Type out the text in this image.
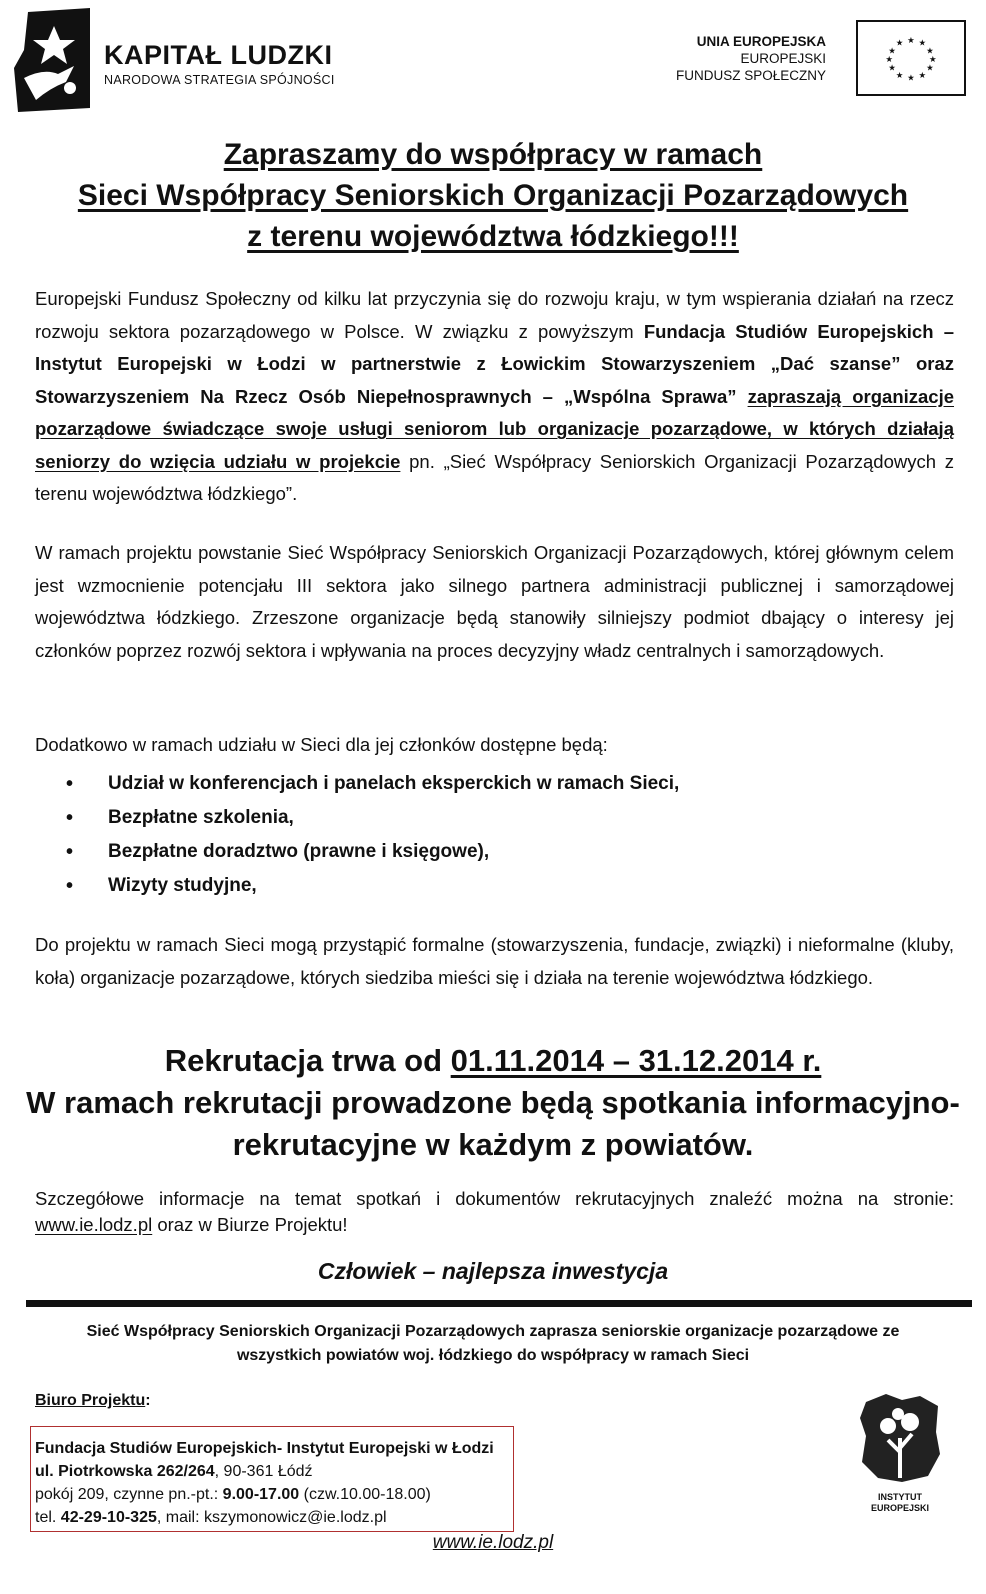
KAPITAŁ LUDZKI
NARODOWA STRATEGIA SPÓJNOŚCI
UNIA EUROPEJSKA
EUROPEJSKI
FUNDUSZ SPOŁECZNY
★ ★
★
★
★
★
★
★
★
★
★
★
Zapraszamy do współpracy w ramach
Sieci Współpracy Seniorskich Organizacji Pozarządowych
z terenu województwa łódzkiego!!!
Europejski Fundusz Społeczny od kilku lat przyczynia się do rozwoju kraju, w tym wspierania działań na rzecz rozwoju sektora pozarządowego w Polsce. W związku z powyższym Fundacja Studiów Europejskich – Instytut Europejski w Łodzi w partnerstwie z Łowickim Stowarzyszeniem „Dać szanse” oraz Stowarzyszeniem Na Rzecz Osób Niepełnosprawnych – „Wspólna Sprawa” zapraszają organizacje pozarządowe świadczące swoje usługi seniorom lub organizacje pozarządowe, w których działają seniorzy do wzięcia udziału w projekcie pn. „Sieć Współpracy Seniorskich Organizacji Pozarządowych z terenu województwa łódzkiego”.
W ramach projektu powstanie Sieć Współpracy Seniorskich Organizacji Pozarządowych, której głównym celem jest wzmocnienie potencjału III sektora jako silnego partnera administracji publicznej i samorządowej województwa łódzkiego. Zrzeszone organizacje będą stanowiły silniejszy podmiot dbający o interesy jej członków poprzez rozwój sektora i wpływania na proces decyzyjny władz centralnych i samorządowych.
Dodatkowo w ramach udziału w Sieci dla jej członków dostępne będą:
• Udział w konferencjach i panelach eksperckich w ramach Sieci,
• Bezpłatne szkolenia,
• Bezpłatne doradztwo (prawne i księgowe),
• Wizyty studyjne,
Do projektu w ramach Sieci mogą przystąpić formalne (stowarzyszenia, fundacje, związki) i nieformalne (kluby, koła) organizacje pozarządowe, których siedziba mieści się i działa na terenie województwa łódzkiego.
Rekrutacja trwa od 01.11.2014 – 31.12.2014 r.
W ramach rekrutacji prowadzone będą spotkania informacyjno-
rekrutacyjne w każdym z powiatów.
Szczegółowe informacje na temat spotkań i dokumentów rekrutacyjnych znaleźć można na stronie: www.ie.lodz.pl oraz w Biurze Projektu!
Człowiek – najlepsza inwestycja
Sieć Współpracy Seniorskich Organizacji Pozarządowych zaprasza seniorskie organizacje pozarządowe ze
wszystkich powiatów woj. łódzkiego do współpracy w ramach Sieci
Biuro Projektu:
Fundacja Studiów Europejskich- Instytut Europejski w Łodzi
ul. Piotrkowska 262/264, 90-361 Łódź
pokój 209, czynne pn.-pt.: 9.00-17.00 (czw.10.00-18.00)
tel. 42-29-10-325, mail: kszymonowicz@ie.lodz.pl
INSTYTUT
EUROPEJSKI
www.ie.lodz.pl
